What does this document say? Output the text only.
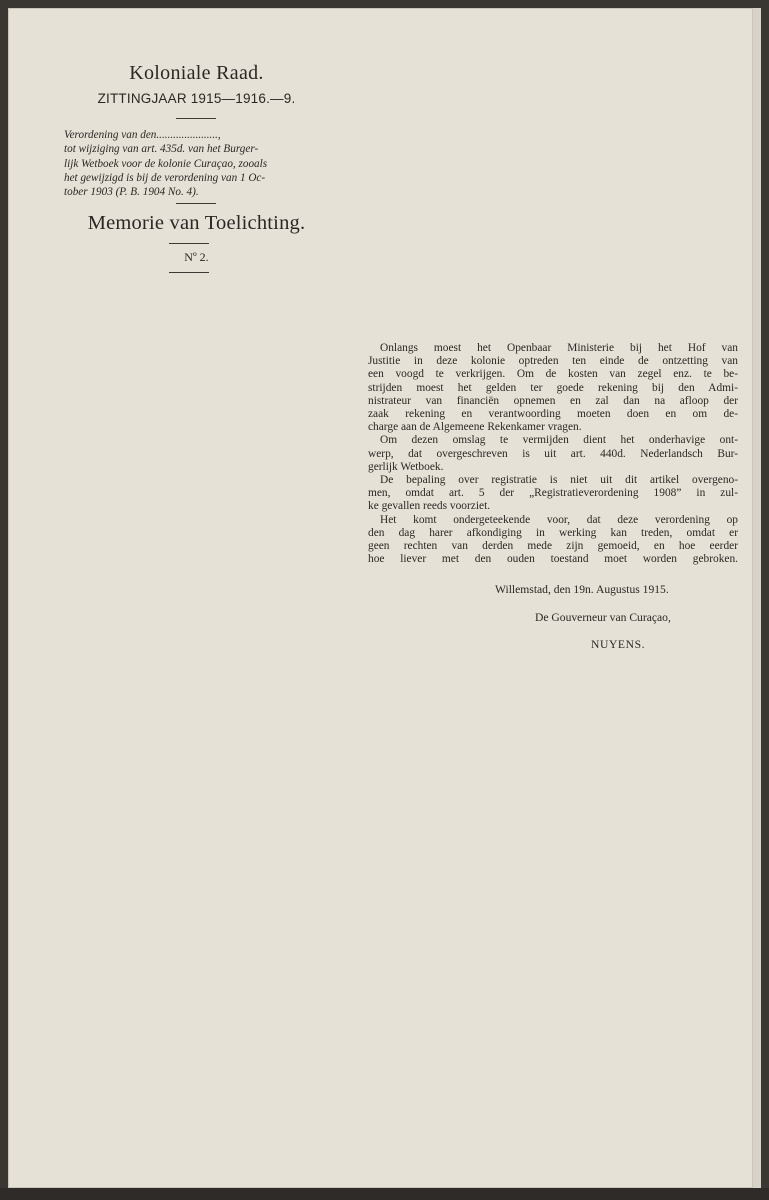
Koloniale Raad.
ZITTINGJAAR 1915—1916.—9.
Verordening van den......................,
tot wijziging van art. 435d. van het Burger-
lijk Wetboek voor de kolonie Curaçao, zooals
het gewijzigd is bij de verordening van 1 Oc-
tober 1903 (P. B. 1904 No. 4).
Memorie van Toelichting.
Nº 2.
Onlangs moest het Openbaar Ministerie bij het Hof van
Justitie in deze kolonie optreden ten einde de ontzetting van
een voogd te verkrijgen. Om de kosten van zegel enz. te be-
strijden moest het gelden ter goede rekening bij den Admi-
nistrateur van financiën opnemen en zal dan na afloop der
zaak rekening en verantwoording moeten doen en om de-
charge aan de Algemeene Rekenkamer vragen.
Om dezen omslag te vermijden dient het onderhavige ont-
werp, dat overgeschreven is uit art. 440d. Nederlandsch Bur-
gerlijk Wetboek.
De bepaling over registratie is niet uit dit artikel overgeno-
men, omdat art. 5 der „Registratieverordening 1908” in zul-
ke gevallen reeds voorziet.
Het komt ondergeteekende voor, dat deze verordening op
den dag harer afkondiging in werking kan treden, omdat er
geen rechten van derden mede zijn gemoeid, en hoe eerder
hoe liever met den ouden toestand moet worden gebroken.
Willemstad, den 19n. Augustus 1915.
De Gouverneur van Curaçao,
NUYENS.
